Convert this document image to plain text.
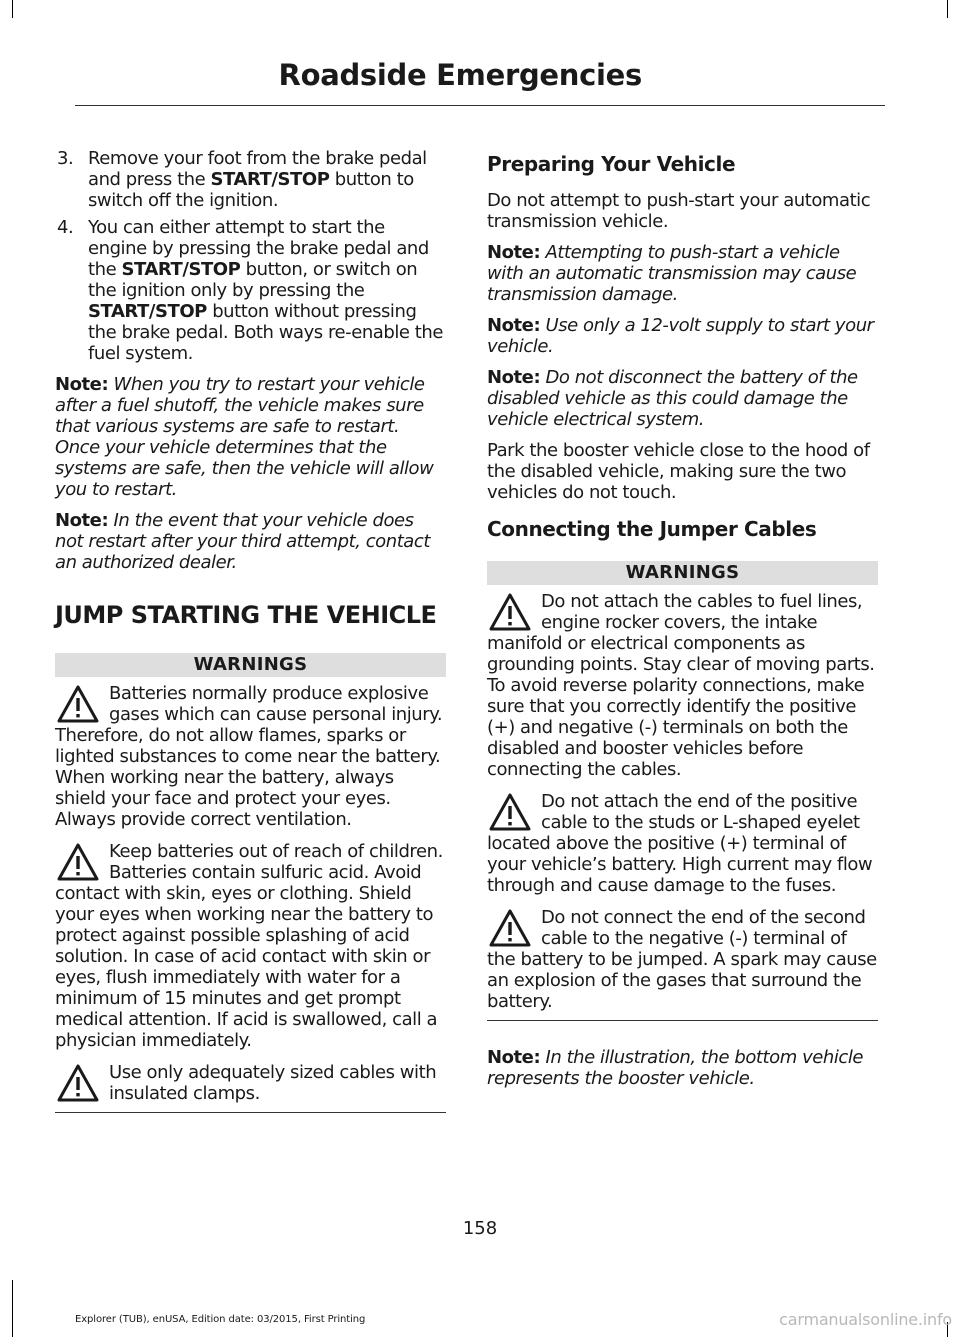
Roadside Emergencies
3. Remove your foot from the brake pedal and press the START/STOP button to switch off the ignition.
4. You can either attempt to start the engine by pressing the brake pedal and the START/STOP button, or switch on the ignition only by pressing the START/STOP button without pressing the brake pedal. Both ways re-enable the fuel system.

Note: When you try to restart your vehicle after a fuel shutoff, the vehicle makes sure that various systems are safe to restart. Once your vehicle determines that the systems are safe, then the vehicle will allow you to restart.

Note: In the event that your vehicle does not restart after your third attempt, contact an authorized dealer.

JUMP STARTING THE VEHICLE
WARNINGS
Batteries normally produce explosive gases which can cause personal injury. Therefore, do not allow flames, sparks or lighted substances to come near the battery. When working near the battery, always shield your face and protect your eyes. Always provide correct ventilation.
Keep batteries out of reach of children. Batteries contain sulfuric acid. Avoid contact with skin, eyes or clothing. Shield your eyes when working near the battery to protect against possible splashing of acid solution. In case of acid contact with skin or eyes, flush immediately with water for a minimum of 15 minutes and get prompt medical attention. If acid is swallowed, call a physician immediately.
Use only adequately sized cables with insulated clamps.
Preparing Your Vehicle

Do not attempt to push-start your automatic transmission vehicle.

Note: Attempting to push-start a vehicle with an automatic transmission may cause transmission damage.

Note: Use only a 12-volt supply to start your vehicle.

Note: Do not disconnect the battery of the disabled vehicle as this could damage the vehicle electrical system.

Park the booster vehicle close to the hood of the disabled vehicle, making sure the two vehicles do not touch.

Connecting the Jumper Cables
WARNINGS
Do not attach the cables to fuel lines, engine rocker covers, the intake manifold or electrical components as grounding points. Stay clear of moving parts. To avoid reverse polarity connections, make sure that you correctly identify the positive (+) and negative (-) terminals on both the disabled and booster vehicles before connecting the cables.
Do not attach the end of the positive cable to the studs or L-shaped eyelet located above the positive (+) terminal of your vehicle’s battery. High current may flow through and cause damage to the fuses.
Do not connect the end of the second cable to the negative (-) terminal of the battery to be jumped. A spark may cause an explosion of the gases that surround the battery.

Note: In the illustration, the bottom vehicle represents the booster vehicle.

158
Explorer (TUB), enUSA, Edition date: 03/2015, First Printing	carmanualsonline.info
